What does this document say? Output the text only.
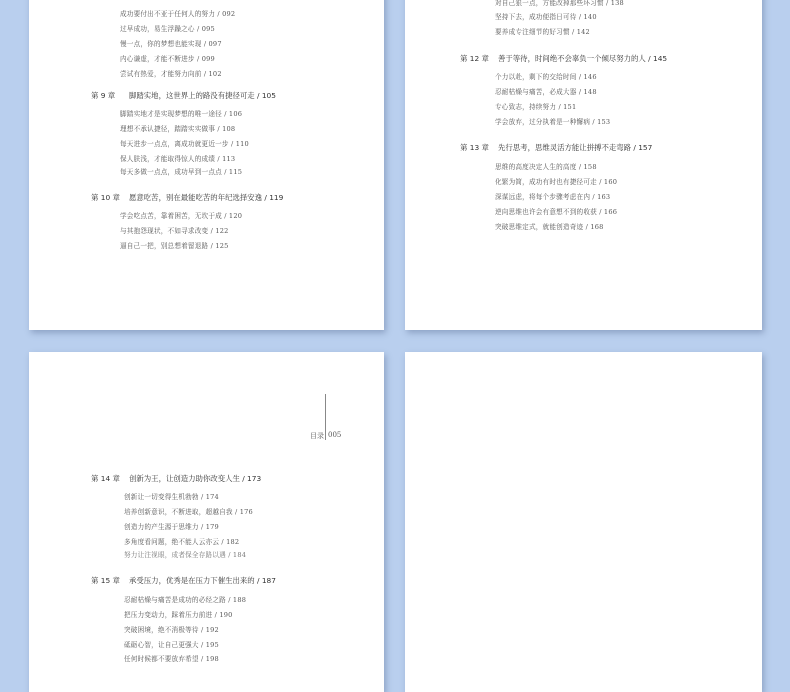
成功要付出不亚于任何人的努力 / 092
过早成功，易生浮躁之心 / 095
慢一点，你的梦想也能实现 / 097
内心谦虚，才能不断进步 / 099
尝试有热爱，才能努力向前 / 102
第 9 章 脚踏实地，这世界上的路没有捷径可走 / 105
脚踏实地才是实现梦想的唯一途径 / 106
理想不承认捷径，踏踏实实做事 / 108
每天进步一点点，离成功就更近一步 / 110
保人肤浅，才能取得惊人的成绩 / 113
每天多做一点点，成功早到一点点 / 115
第 10 章 愿意吃苦，别在最能吃苦的年纪选择安逸 / 119
学会吃点苦，靠着困苦，无坎于成 / 120
与其抱怨现状，不如寻求改变 / 122
逼自己一把，别总想着留退路 / 125
对自己狠一点，方能改掉那些坏习惯 / 138
坚持下去，成功便指日可待 / 140
要养成专注细节的好习惯 / 142
第 12 章 善于等待，时间绝不会辜负一个倾尽努力的人 / 145
个力以赴，剩下的交给时间 / 146
忍耐枯燥与痛苦，必成大器 / 148
专心致志，持续努力 / 151
学会放弃，过分执着是一种懈病 / 153
第 13 章 先行思考，思维灵活方能让拼搏不走弯路 / 157
思维的高度决定人生的高度 / 158
化繁为简，成功有时也有捷径可走 / 160
深谋远虑，将每个步骤考虑在内 / 163
逆向思维也许会有意想不到的收获 / 166
突破思维定式，就能创造奇迹 / 168
目录 005
第 14 章 创新为王，让创造力助你改变人生 / 173
创新让一切变得生机勃勃 / 174
培养创新意识，不断进取，超越自我 / 176
创造力的产生源于思维力 / 179
多角度看问题，绝不能人云亦云 / 182
努力让注视眼，成者保全存路以遇 / 184
第 15 章 承受压力，优秀是在压力下催生出来的 / 187
忍耐枯燥与痛苦是成功的必经之路 / 188
把压力变动力，踩着压力前进 / 190
突破困境，绝不消极等待 / 192
砥砺心智，让自己更强大 / 195
任何时候都不要放弃希望 / 198
